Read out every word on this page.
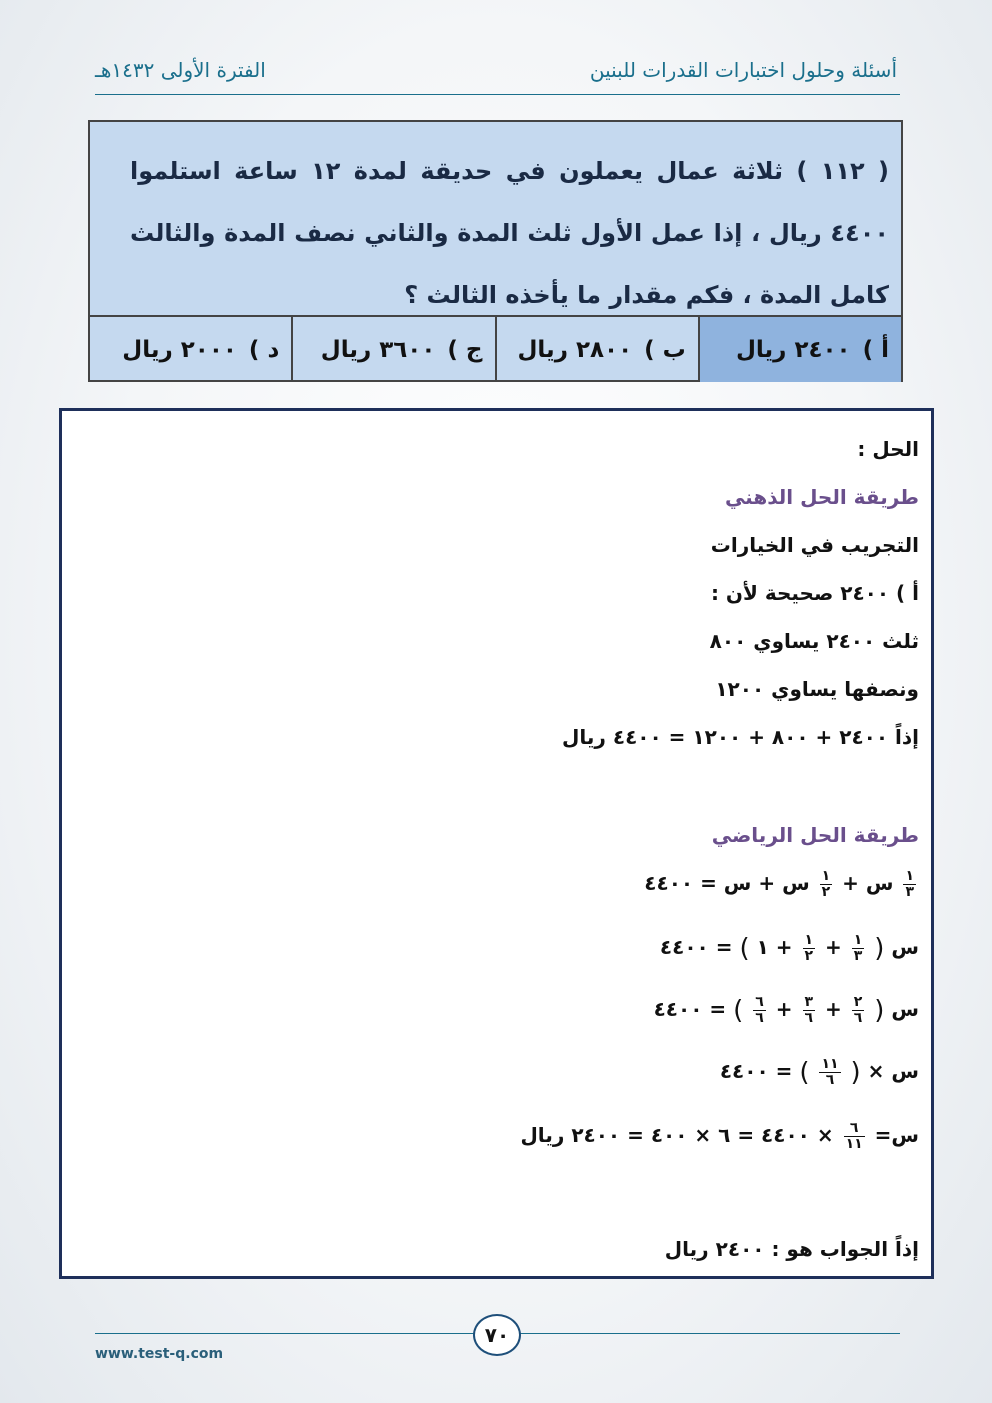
أسئلة وحلول اختبارات القدرات للبنين
الفترة الأولى ١٤٣٢هـ
( ١١٢ ) ثلاثة عمال يعملون في حديقة لمدة ١٢ ساعة استلموا ٤٤٠٠ ريال ، إذا عمل الأول ثلث المدة والثاني نصف المدة والثالث كامل المدة ، فكم مقدار ما يأخذه الثالث ؟
أ )
٢٤٠٠ ريال
ب )
٢٨٠٠ ريال
ج )
٣٦٠٠ ريال
د )
٢٠٠٠ ريال
الحل :
طريقة الحل الذهني
التجريب في الخيارات
أ ) ٢٤٠٠ صحيحة لأن :
ثلث ٢٤٠٠ يساوي ٨٠٠
ونصفها يساوي ١٢٠٠
إذاً ٢٤٠٠ + ٨٠٠ + ١٢٠٠ = ٤٤٠٠ ريال
طريقة الحل الرياضي
$\frac{١}{٣}$
س +
$\frac{١}{٢}$
س + س = ٤٤٠٠
س (
$\frac{١}{٣}$
+
$\frac{١}{٢}$
+ ١ ) = ٤٤٠٠
س (
$\frac{٢}{٦}$
+
$\frac{٣}{٦}$
+
$\frac{٦}{٦}$
) = ٤٤٠٠
س × (
$\frac{١١}{٦}$
) = ٤٤٠٠
س=
$\frac{٦}{١١}$
× ٤٤٠٠ = ٦ × ٤٠٠ = ٢٤٠٠ ريال
إذاً الجواب هو : ٢٤٠٠ ريال
٧٠
www.test-q.com
